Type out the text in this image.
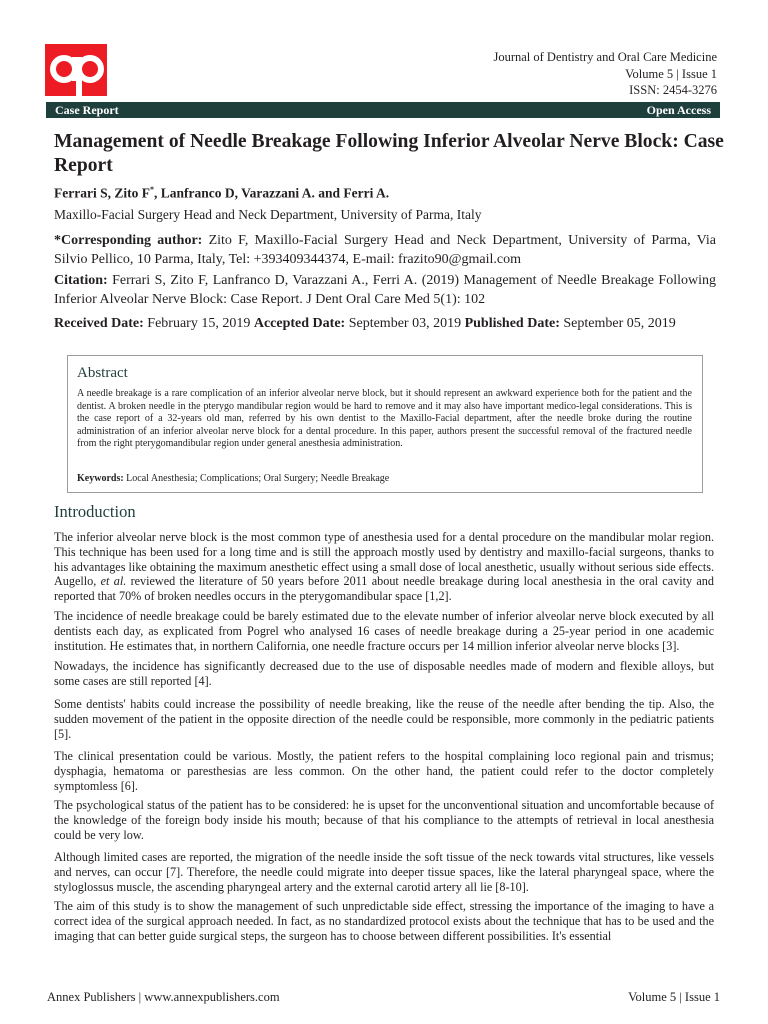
Journal of Dentistry and Oral Care Medicine
Volume 5 | Issue 1
ISSN: 2454-3276
Case Report	Open Access
Management of Needle Breakage Following Inferior Alveolar Nerve Block: Case Report
Ferrari S, Zito F*, Lanfranco D, Varazzani A. and Ferri A.

Maxillo-Facial Surgery Head and Neck Department, University of Parma, Italy

*Corresponding author: Zito F, Maxillo-Facial Surgery Head and Neck Department, University of Parma, Via Silvio Pellico, 10 Parma, Italy, Tel: +393409344374, E-mail: frazito90@gmail.com

Citation: Ferrari S, Zito F, Lanfranco D, Varazzani A., Ferri A. (2019) Management of Needle Breakage Following Inferior Alveolar Nerve Block: Case Report. J Dent Oral Care Med 5(1): 102

Received Date: February 15, 2019 Accepted Date: September 03, 2019 Published Date: September 05, 2019

Abstract

A needle breakage is a rare complication of an inferior alveolar nerve block, but it should represent an awkward experience both for the patient and the dentist. A broken needle in the pterygo mandibular region would be hard to remove and it may also have important medico-legal considerations. This is the case report of a 32-years old man, referred by his own dentist to the Maxillo-Facial department, after the needle broke during the routine administration of an inferior alveolar nerve block for a dental procedure. In this paper, authors present the successful removal of the fractured needle from the right pterygomandibular region under general anesthesia administration.

Keywords: Local Anesthesia; Complications; Oral Surgery; Needle Breakage
Introduction

The inferior alveolar nerve block is the most common type of anesthesia used for a dental procedure on the mandibular molar region. This technique has been used for a long time and is still the approach mostly used by dentistry and maxillo-facial surgeons, thanks to his advantages like obtaining the maximum anesthetic effect using a small dose of local anesthetic, usually without serious side effects. Augello, et al. reviewed the literature of 50 years before 2011 about needle breakage during local anesthesia in the oral cavity and reported that 70% of broken needles occurs in the pterygomandibular space [1,2].

The incidence of needle breakage could be barely estimated due to the elevate number of inferior alveolar nerve block executed by all dentists each day, as explicated from Pogrel who analysed 16 cases of needle breakage during a 25-year period in one academic institution. He estimates that, in northern California, one needle fracture occurs per 14 million inferior alveolar nerve blocks [3].

Nowadays, the incidence has significantly decreased due to the use of disposable needles made of modern and flexible alloys, but some cases are still reported [4].

Some dentists' habits could increase the possibility of needle breaking, like the reuse of the needle after bending the tip. Also, the sudden movement of the patient in the opposite direction of the needle could be responsible, more commonly in the pediatric patients [5].

The clinical presentation could be various. Mostly, the patient refers to the hospital complaining loco regional pain and trismus; dysphagia, hematoma or paresthesias are less common. On the other hand, the patient could refer to the doctor completely symptomless [6].

The psychological status of the patient has to be considered: he is upset for the unconventional situation and uncomfortable because of the knowledge of the foreign body inside his mouth; because of that his compliance to the attempts of retrieval in local anesthesia could be very low.

Although limited cases are reported, the migration of the needle inside the soft tissue of the neck towards vital structures, like vessels and nerves, can occur [7]. Therefore, the needle could migrate into deeper tissue spaces, like the lateral pharyngeal space, where the styloglossus muscle, the ascending pharyngeal artery and the external carotid artery all lie [8-10].

The aim of this study is to show the management of such unpredictable side effect, stressing the importance of the imaging to have a correct idea of the surgical approach needed. In fact, as no standardized protocol exists about the technique that has to be used and the imaging that can better guide surgical steps, the surgeon has to choose between different possibilities. It's essential

Annex Publishers | www.annexpublishers.com	Volume 5 | Issue 1
